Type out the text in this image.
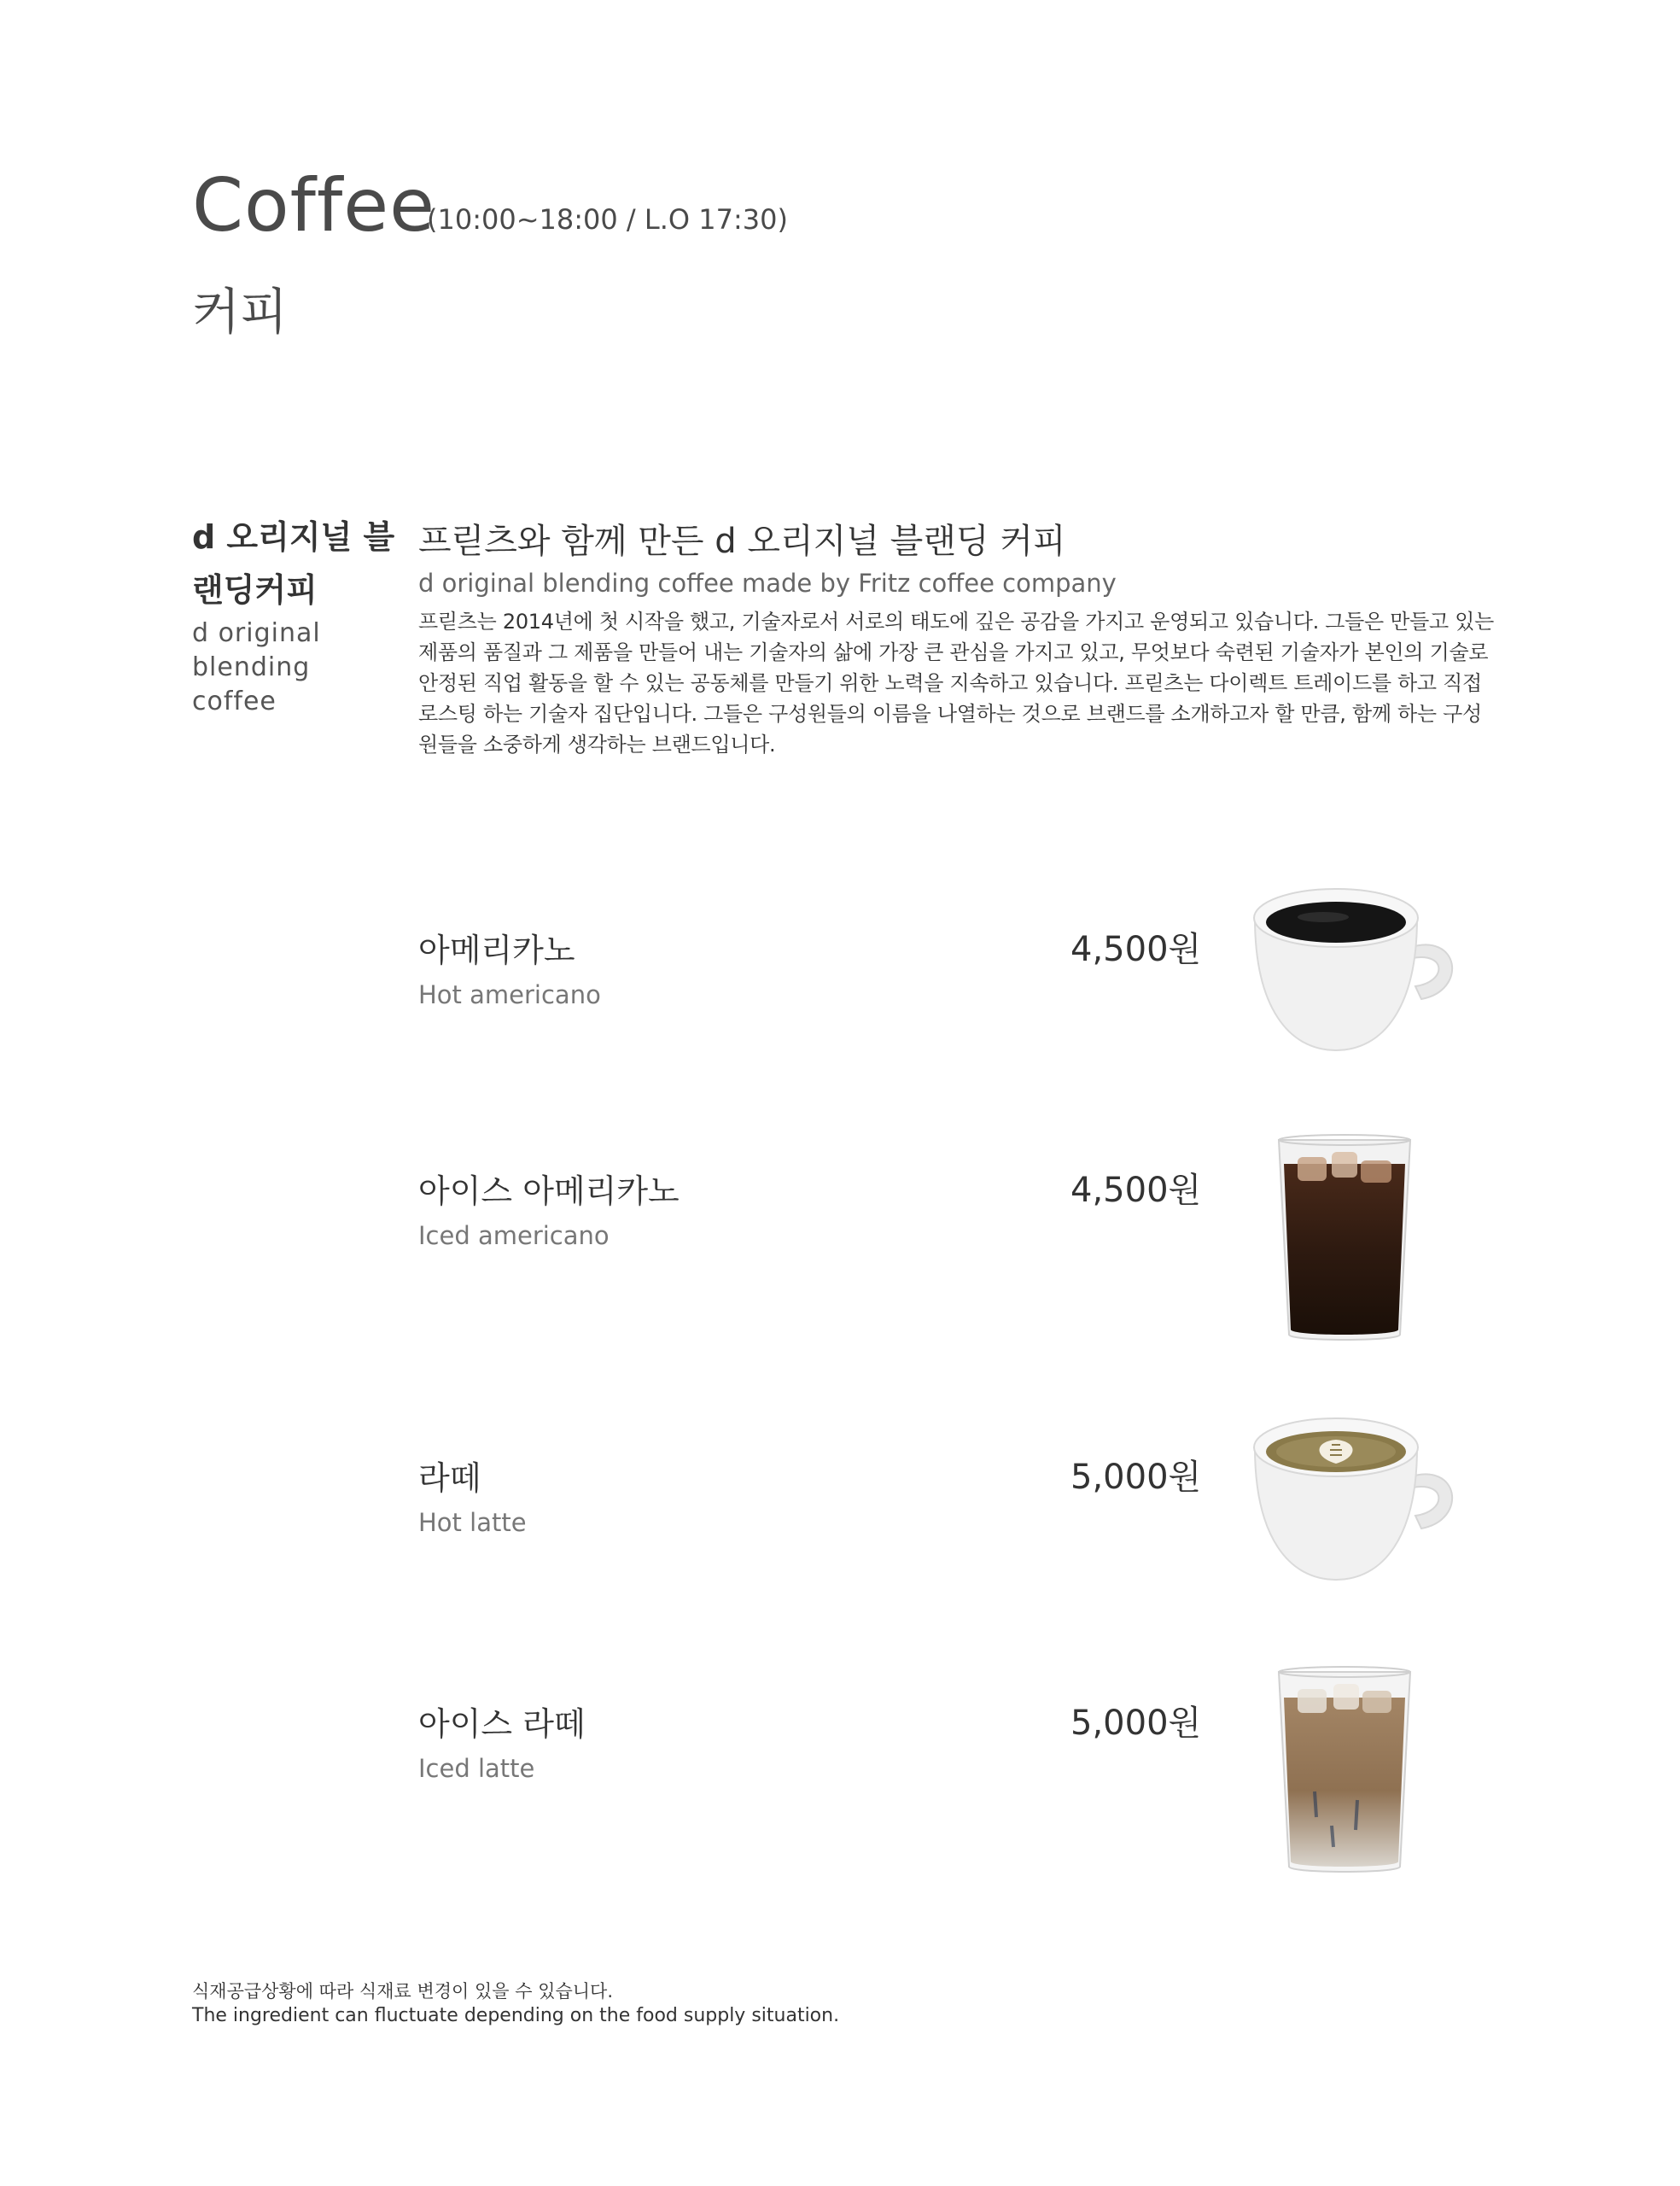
Coffee
(10:00~18:00 / L.O 17:30)
커피
d 오리지널 블랜딩커피
d original blending coffee
프릳츠와 함께 만든 d 오리지널 블랜딩 커피
d original blending coffee made by Fritz coffee company
프릳츠는 2014년에 첫 시작을 했고, 기술자로서 서로의 태도에 깊은 공감을 가지고 운영되고 있습니다. 그들은 만들고 있는 제품의 품질과 그 제품을 만들어 내는 기술자의 삶에 가장 큰 관심을 가지고 있고, 무엇보다 숙련된 기술자가 본인의 기술로 안정된 직업 활동을 할 수 있는 공동체를 만들기 위한 노력을 지속하고 있습니다. 프릳츠는 다이렉트 트레이드를 하고 직접 로스팅 하는 기술자 집단입니다. 그들은 구성원들의 이름을 나열하는 것으로 브랜드를 소개하고자 할 만큼, 함께 하는 구성원들을 소중하게 생각하는 브랜드입니다.
아메리카노
Hot americano
4,500원
아이스 아메리카노
Iced americano
4,500원
라떼
Hot latte
5,000원
아이스 라떼
Iced latte
5,000원
식재공급상황에 따라 식재료 변경이 있을 수 있습니다.
The ingredient can fluctuate depending on the food supply situation.
